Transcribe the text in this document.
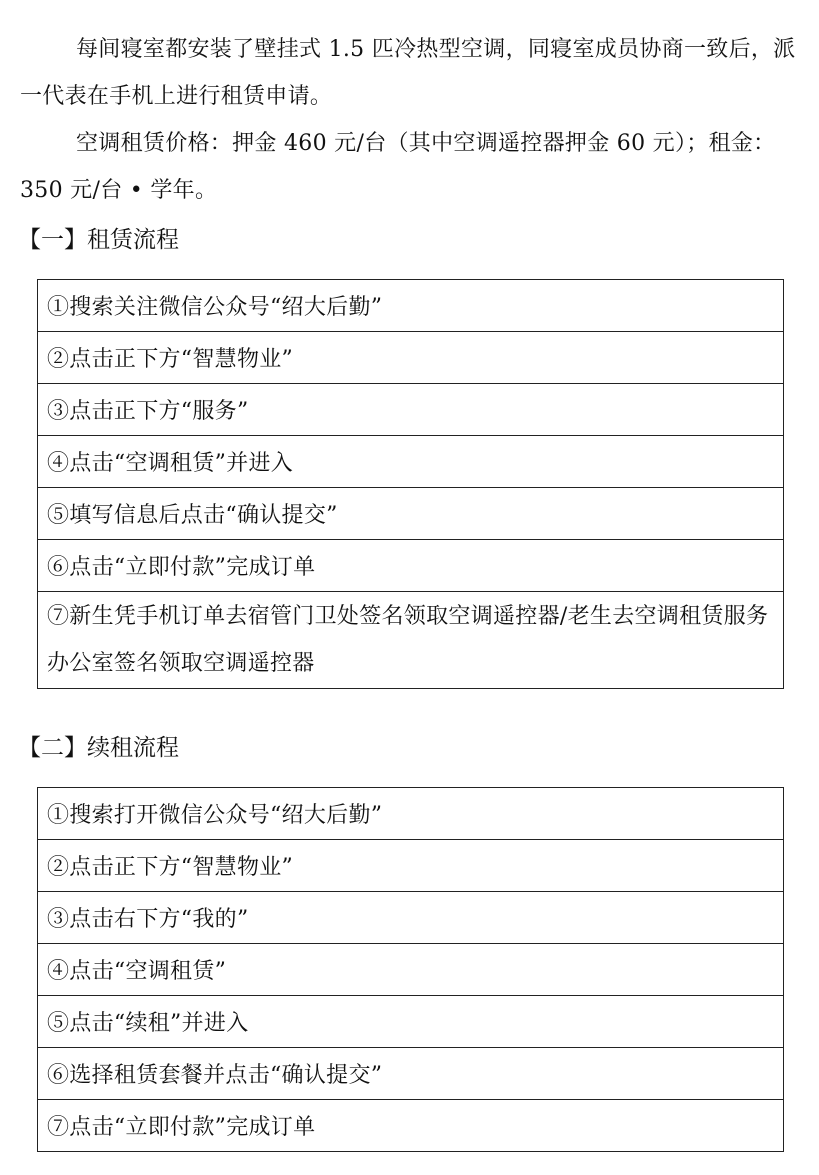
每间寝室都安装了壁挂式 1.5 匹冷热型空调，同寝室成员协商一致后，派一代表在手机上进行租赁申请。

空调租赁价格：押金 460 元/台（其中空调遥控器押金 60 元）；租金：350 元/台 • 学年。

【一】租赁流程
①搜索关注微信公众号“绍大后勤”
②点击正下方“智慧物业”
③点击正下方“服务”
④点击“空调租赁”并进入
⑤填写信息后点击“确认提交”
⑥点击“立即付款”完成订单
⑦新生凭手机订单去宿管门卫处签名领取空调遥控器/老生去空调租赁服务办公室签名领取空调遥控器
【二】续租流程
①搜索打开微信公众号“绍大后勤”
②点击正下方“智慧物业”
③点击右下方“我的”
④点击“空调租赁”
⑤点击“续租”并进入
⑥选择租赁套餐并点击“确认提交”
⑦点击“立即付款”完成订单
